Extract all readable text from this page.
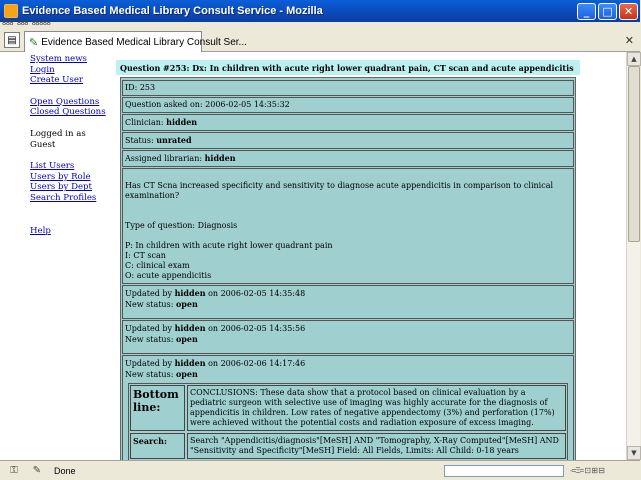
Evidence Based Medical Library Consult Service - Mozilla	_	□	✕
888 888 88888
▤ ✎ Evidence Based Medical Library Consult Ser...	✕
System news
Login
Create User
Open Questions
Closed Questions
Logged in as
Guest
List Users
Users by Role
Users by Dept
Search Profiles
Help
Question #253: Dx: In children with acute right lower quadrant pain, CT scan and acute appendicitis
ID: 253
Question asked on: 2006-02-05 14:35:32
Clinician: hidden
Status: unrated
Assigned librarian: hidden
Has CT Scna increased specificity and sensitivity to diagnose acute appendicitis in comparison to clinical examination?
Type of question: Diagnosis
P: In children with acute right lower quadrant pain
I: CT scan
C: clinical exam
O: acute appendicitis
Updated by hidden on 2006-02-05 14:35:48
New status: open
Updated by hidden on 2006-02-05 14:35:56
New status: open
Updated by hidden on 2006-02-06 14:17:46
New status: open
Bottom line:
CONCLUSIONS: These data show that a protocol based on clinical evaluation by a pediatric surgeon with selective use of imaging was highly accurate for the diagnosis of appendicitis in children. Low rates of negative appendectomy (3%) and perforation (17%) were achieved without the potential costs and radiation exposure of excess imaging.
Search:	Search "Appendicitis/diagnosis"[MeSH] AND "Tomography, X-Ray Computed"[MeSH] AND "Sensitivity and Specificity"[MeSH] Field: All Fields, Limits: All Child: 0-18 years
▲
▼
⚿	✎	Done	-=Ξ= ⊡ ⊞ ⊟
